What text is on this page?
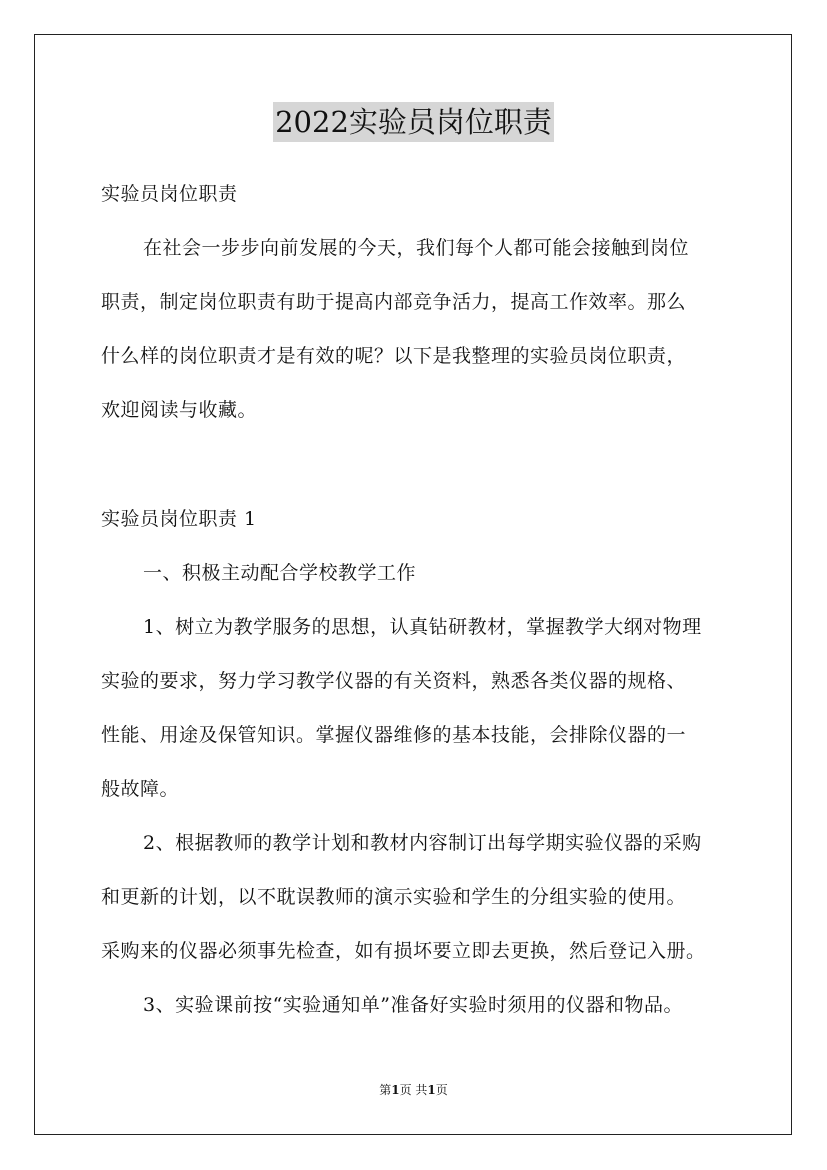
2022实验员岗位职责
实验员岗位职责
在社会一步步向前发展的今天，我们每个人都可能会接触到岗位
职责，制定岗位职责有助于提高内部竞争活力，提高工作效率。那么
什么样的岗位职责才是有效的呢？以下是我整理的实验员岗位职责，
欢迎阅读与收藏。
实验员岗位职责 1
一、积极主动配合学校教学工作
1、树立为教学服务的思想，认真钻研教材，掌握教学大纲对物理
实验的要求，努力学习教学仪器的有关资料，熟悉各类仪器的规格、
性能、用途及保管知识。掌握仪器维修的基本技能，会排除仪器的一
般故障。
2、根据教师的教学计划和教材内容制订出每学期实验仪器的采购
和更新的计划，以不耽误教师的演示实验和学生的分组实验的使用。
采购来的仪器必须事先检查，如有损坏要立即去更换，然后登记入册。
3、实验课前按“实验通知单”准备好实验时须用的仪器和物品。
第1页 共1页
